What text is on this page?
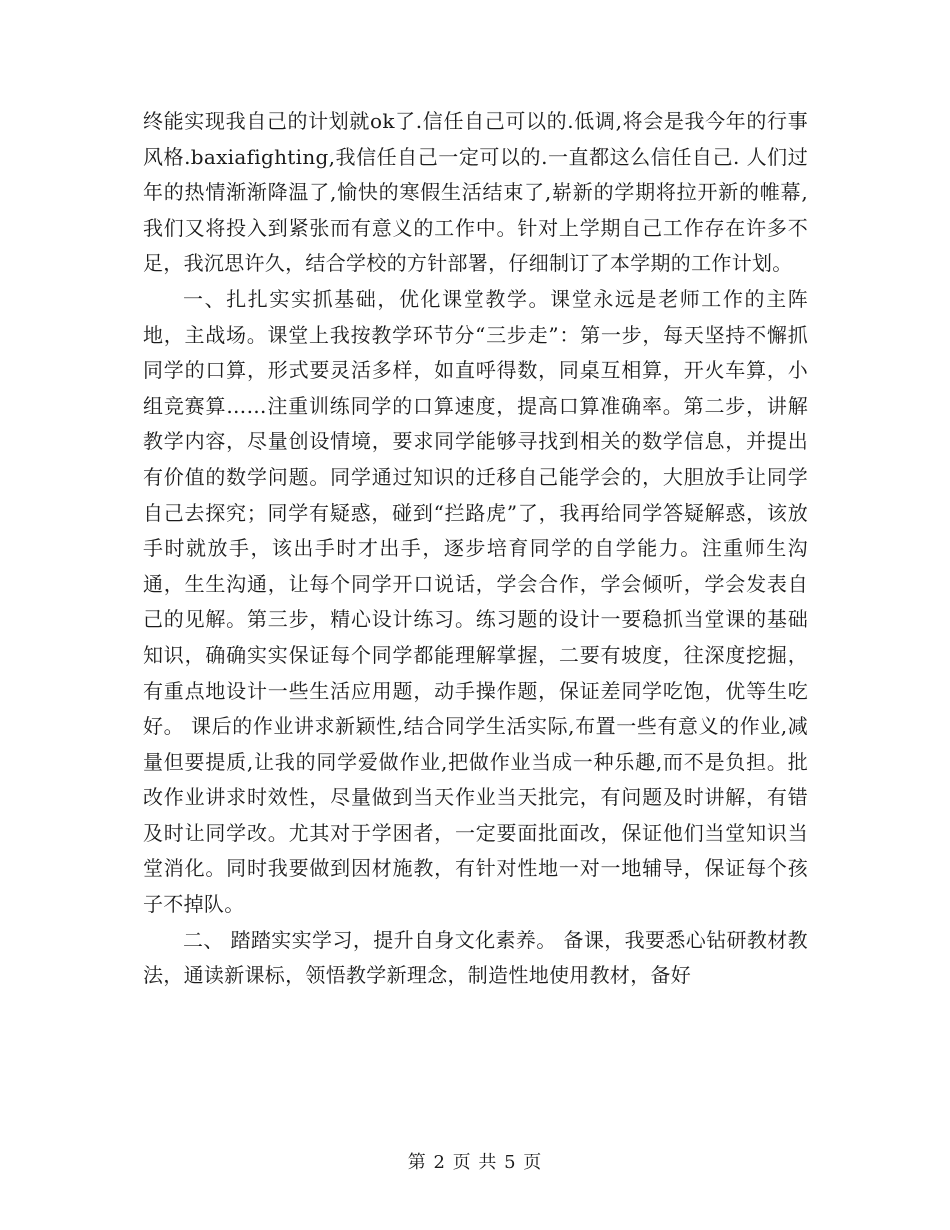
终能实现我自己的计划就ok了.信任自己可以的.低调,将会是我今年的行事风格.baxiafighting,我信任自己一定可以的.一直都这么信任自己. 人们过年的热情渐渐降温了,愉快的寒假生活结束了,崭新的学期将拉开新的帷幕,我们又将投入到紧张而有意义的工作中。针对上学期自己工作存在许多不足，我沉思许久，结合学校的方针部署，仔细制订了本学期的工作计划。

一、扎扎实实抓基础，优化课堂教学。课堂永远是老师工作的主阵地，主战场。课堂上我按教学环节分“三步走”：第一步，每天坚持不懈抓同学的口算，形式要灵活多样，如直呼得数，同桌互相算，开火车算，小组竞赛算……注重训练同学的口算速度，提高口算准确率。第二步，讲解教学内容，尽量创设情境，要求同学能够寻找到相关的数学信息，并提出有价值的数学问题。同学通过知识的迁移自己能学会的，大胆放手让同学自己去探究；同学有疑惑，碰到“拦路虎”了，我再给同学答疑解惑，该放手时就放手，该出手时才出手，逐步培育同学的自学能力。注重师生沟通，生生沟通，让每个同学开口说话，学会合作，学会倾听，学会发表自己的见解。第三步，精心设计练习。练习题的设计一要稳抓当堂课的基础知识，确确实实保证每个同学都能理解掌握，二要有坡度，往深度挖掘，有重点地设计一些生活应用题，动手操作题，保证差同学吃饱，优等生吃好。 课后的作业讲求新颖性,结合同学生活实际,布置一些有意义的作业,减量但要提质,让我的同学爱做作业,把做作业当成一种乐趣,而不是负担。批改作业讲求时效性，尽量做到当天作业当天批完，有问题及时讲解，有错及时让同学改。尤其对于学困者，一定要面批面改，保证他们当堂知识当堂消化。同时我要做到因材施教，有针对性地一对一地辅导，保证每个孩子不掉队。

二、 踏踏实实学习，提升自身文化素养。 备课，我要悉心钻研教材教法，通读新课标，领悟教学新理念，制造性地使用教材，备好

第 2 页 共 5 页
